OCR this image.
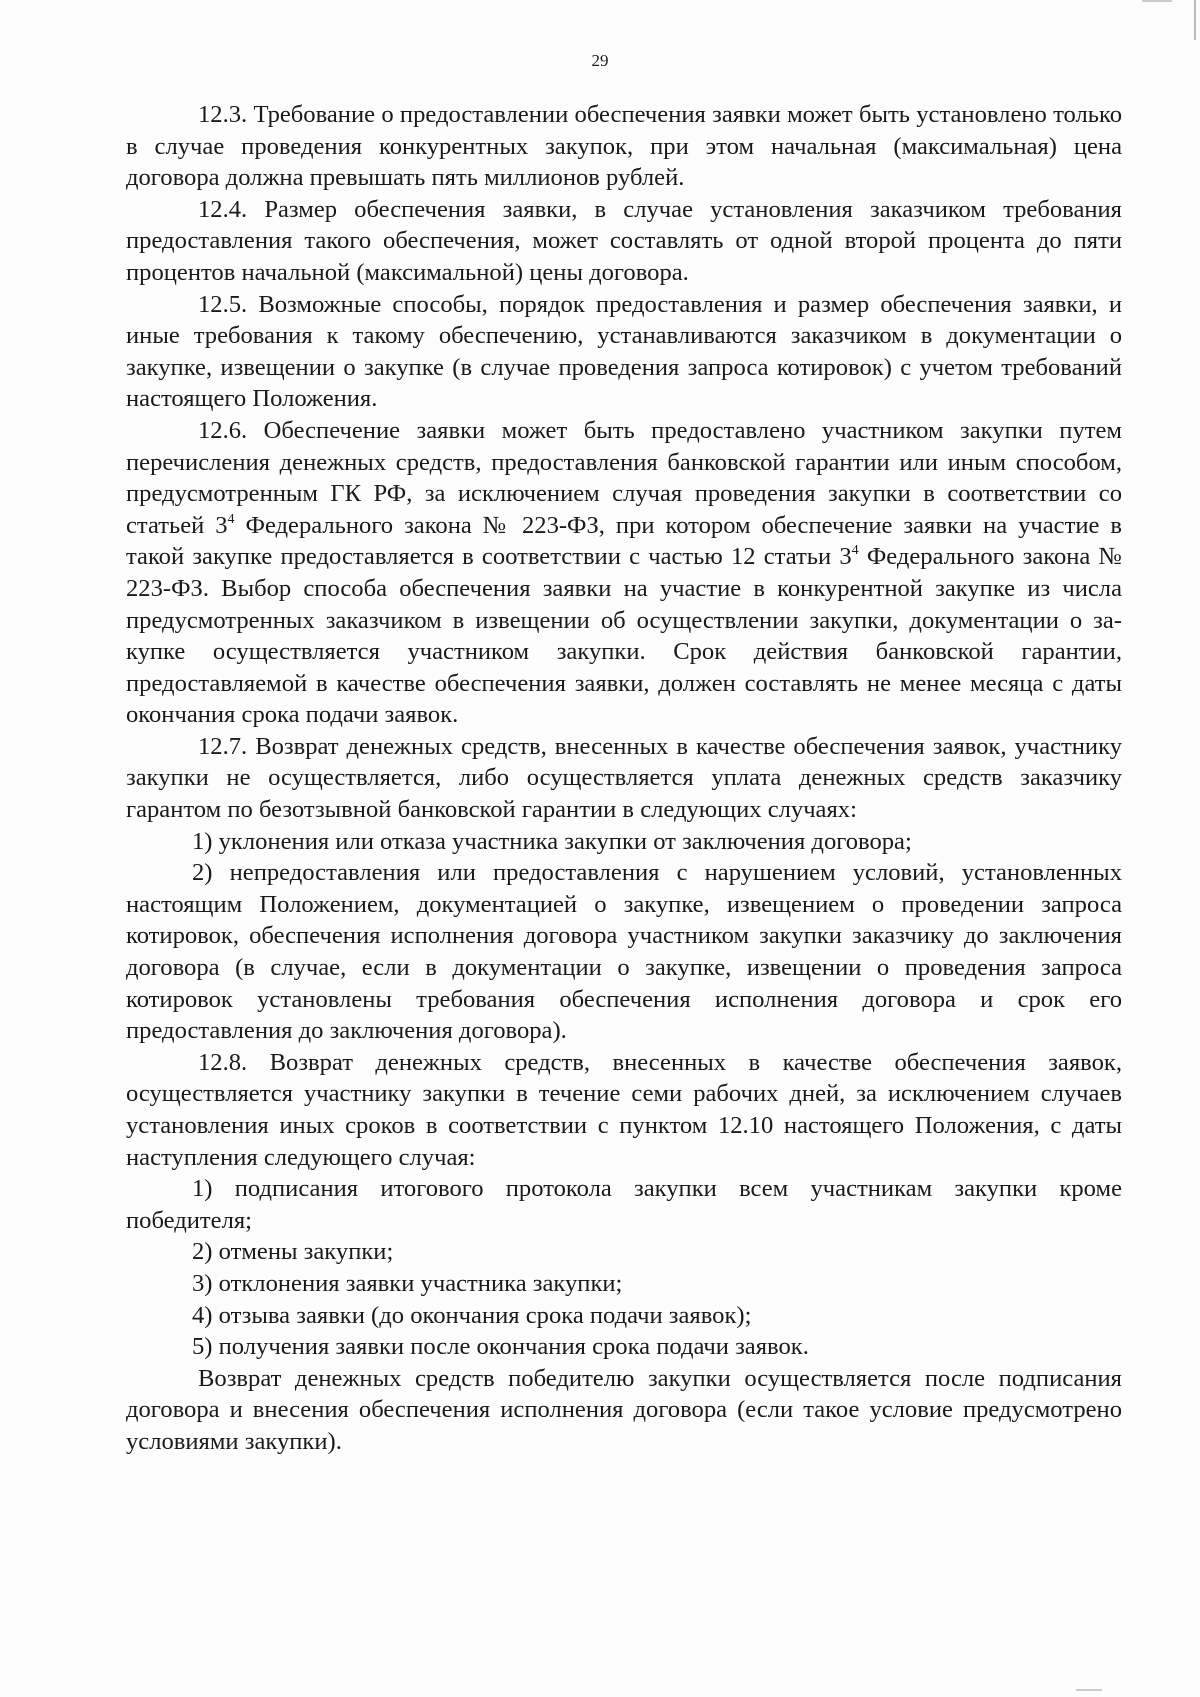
29

12.3. Требование о предоставлении обеспечения заявки может быть установлено только в случае проведения конкурентных закупок, при этом начальная (максимальная) цена договора должна превышать пять миллионов рублей.

12.4. Размер обеспечения заявки, в случае установления заказчиком требования предоставления такого обеспечения, может составлять от одной второй процента до пяти процентов начальной (максимальной) цены договора.

12.5. Возможные способы, порядок предоставления и размер обеспечения заявки, и иные требования к такому обеспечению, устанавливаются заказчиком в документации о закупке, извещении о закупке (в случае проведения запроса котировок) с учетом требований настоящего Положения.

12.6. Обеспечение заявки может быть предоставлено участником закупки путем перечисления денежных средств, предоставления банковской гарантии или иным способом, предусмотренным ГК РФ, за исключением случая проведения закупки в соответствии со статьей $3^4$ Федерального закона № 223-ФЗ, при котором обеспечение заявки на участие в такой закупке предоставляется в соответствии с частью 12 статьи $3^4$ Федерального закона № 223-ФЗ. Выбор способа обеспечения заявки на участие в конкурентной закупке из числа предусмотренных заказчиком в извещении об осуществлении закупки, документации о закупке осуществляется участником закупки. Срок действия банковской гарантии, предоставляемой в качестве обеспечения заявки, должен составлять не менее месяца с даты окончания срока подачи заявок.

12.7. Возврат денежных средств, внесенных в качестве обеспечения заявок, участнику закупки не осуществляется, либо осуществляется уплата денежных средств заказчику гарантом по безотзывной банковской гарантии в следующих случаях:

1) уклонения или отказа участника закупки от заключения договора;

2) непредоставления или предоставления с нарушением условий, установленных настоящим Положением, документацией о закупке, извещением о проведении запроса котировок, обеспечения исполнения договора участником закупки заказчику до заключения договора (в случае, если в документации о закупке, извещении о проведения запроса котировок установлены требования обеспечения исполнения договора и срок его предоставления до заключения договора).

12.8. Возврат денежных средств, внесенных в качестве обеспечения заявок, осуществляется участнику закупки в течение семи рабочих дней, за исключением случаев установления иных сроков в соответствии с пунктом 12.10 настоящего Положения, с даты наступления следующего случая:

1) подписания итогового протокола закупки всем участникам закупки кроме победителя;

2) отмены закупки;

3) отклонения заявки участника закупки;

4) отзыва заявки (до окончания срока подачи заявок);

5) получения заявки после окончания срока подачи заявок.

Возврат денежных средств победителю закупки осуществляется после подписания договора и внесения обеспечения исполнения договора (если такое условие предусмотрено условиями закупки).
